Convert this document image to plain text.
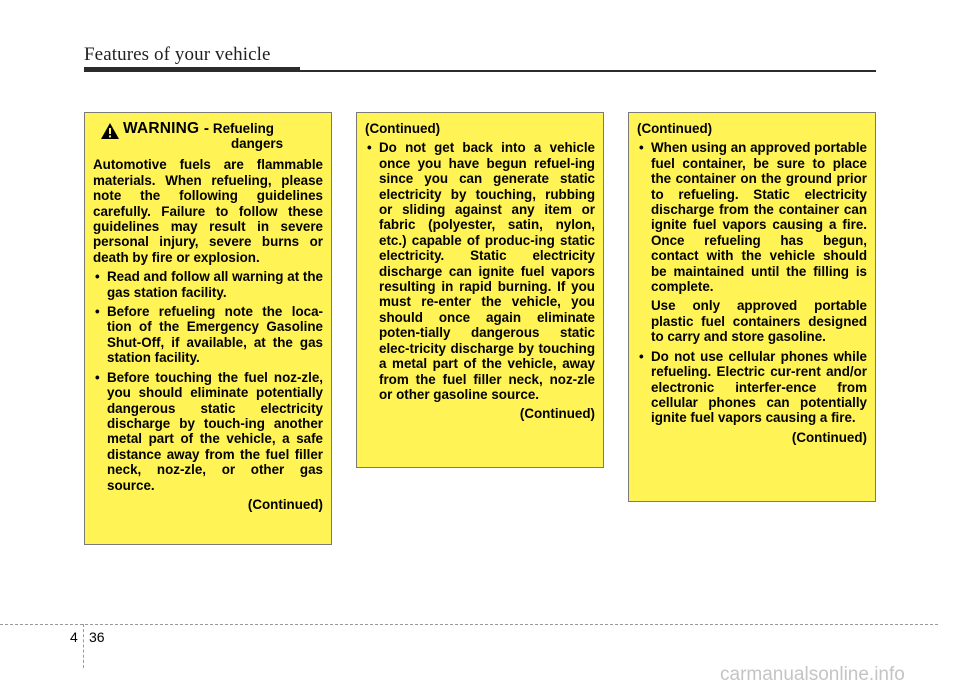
Features of your vehicle
WARNING - Refueling
dangers
Automotive fuels are flammable materials. When refueling, please note the following guidelines carefully. Failure to follow these guidelines may result in severe personal injury, severe burns or death by fire or explosion.
• Read and follow all warning at the gas station facility.
• Before refueling note the loca-tion of the Emergency Gasoline Shut-Off, if available, at the gas station facility.
• Before touching the fuel noz-zle, you should eliminate potentially dangerous static electricity discharge by touch-ing another metal part of the vehicle, a safe distance away from the fuel filler neck, noz-zle, or other gas source.
(Continued)
(Continued)
• Do not get back into a vehicle once you have begun refuel-ing since you can generate static electricity by touching, rubbing or sliding against any item or fabric (polyester, satin, nylon, etc.) capable of produc-ing static electricity. Static electricity discharge can ignite fuel vapors resulting in rapid burning. If you must re-enter the vehicle, you should once again eliminate poten-tially dangerous static elec-tricity discharge by touching a metal part of the vehicle, away from the fuel filler neck, noz-zle or other gasoline source.
(Continued)
(Continued)
• When using an approved portable fuel container, be sure to place the container on the ground prior to refueling. Static electricity discharge from the container can ignite fuel vapors causing a fire. Once refueling has begun, contact with the vehicle should be maintained until the filling is complete.
Use only approved portable plastic fuel containers designed to carry and store gasoline.
• Do not use cellular phones while refueling. Electric cur-rent and/or electronic interfer-ence from cellular phones can potentially ignite fuel vapors causing a fire.
(Continued)
4 36
carmanualsonline.info
